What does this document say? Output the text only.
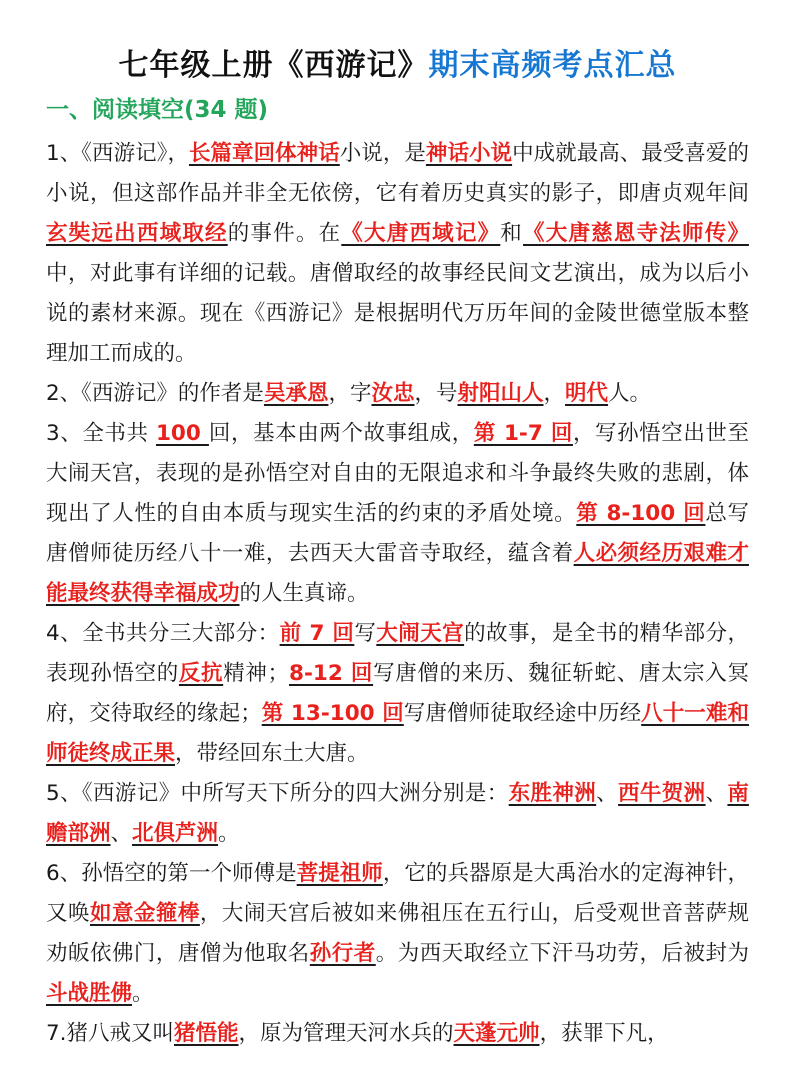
七年级上册《西游记》期末高频考点汇总
一、阅读填空(34 题)

1、《西游记》，长篇章回体神话小说，是神话小说中成就最高、最受喜爱的小说，但这部作品并非全无依傍，它有着历史真实的影子，即唐贞观年间玄奘远出西域取经的事件。在《大唐西域记》和《大唐慈恩寺法师传》中，对此事有详细的记载。唐僧取经的故事经民间文艺演出，成为以后小说的素材来源。现在《西游记》是根据明代万历年间的金陵世德堂版本整理加工而成的。

2、《西游记》的作者是吴承恩，字汝忠，号射阳山人，明代人。

3、全书共 100 回，基本由两个故事组成，第 1-7 回，写孙悟空出世至大闹天宫，表现的是孙悟空对自由的无限追求和斗争最终失败的悲剧，体现出了人性的自由本质与现实生活的约束的矛盾处境。第 8-100 回总写唐僧师徒历经八十一难，去西天大雷音寺取经，蕴含着人必须经历艰难才能最终获得幸福成功的人生真谛。

4、全书共分三大部分：前 7 回写大闹天宫的故事，是全书的精华部分，表现孙悟空的反抗精神；8-12 回写唐僧的来历、魏征斩蛇、唐太宗入冥府，交待取经的缘起；第 13-100 回写唐僧师徒取经途中历经八十一难和师徒终成正果，带经回东土大唐。

5、《西游记》中所写天下所分的四大洲分别是：东胜神洲、西牛贺洲、南赡部洲、北俱芦洲。

6、孙悟空的第一个师傅是菩提祖师，它的兵器原是大禹治水的定海神针，又唤如意金箍棒，大闹天宫后被如来佛祖压在五行山，后受观世音菩萨规劝皈依佛门，唐僧为他取名孙行者。为西天取经立下汗马功劳，后被封为斗战胜佛。

7.猪八戒又叫猪悟能，原为管理天河水兵的天蓬元帅，获罪下凡，
